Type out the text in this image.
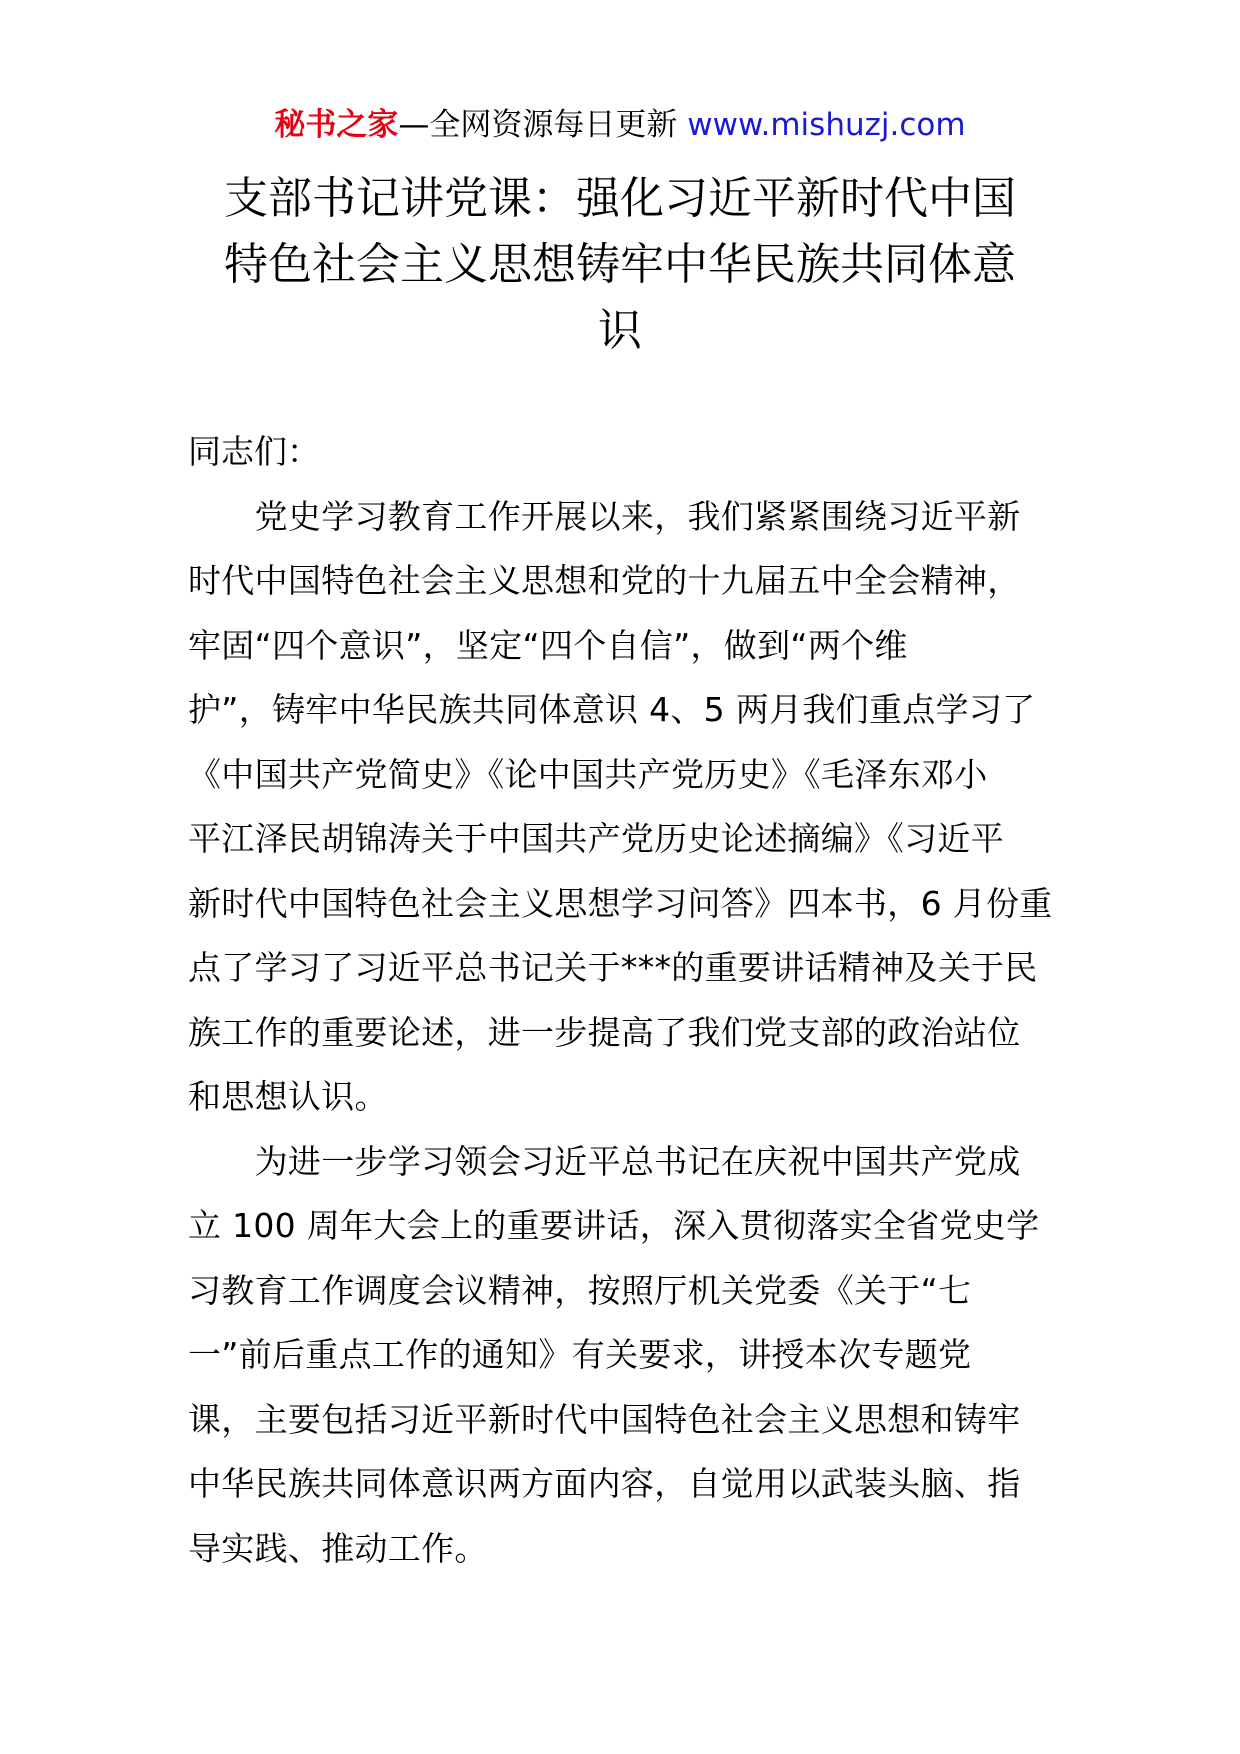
秘书之家—全网资源每日更新 www.mishuzj.com
支部书记讲党课：强化习近平新时代中国
特色社会主义思想铸牢中华民族共同体意
识
同志们：
　　党史学习教育工作开展以来，我们紧紧围绕习近平新
时代中国特色社会主义思想和党的十九届五中全会精神，
牢固“四个意识”，坚定“四个自信”，做到“两个维
护”，铸牢中华民族共同体意识 4、5 两月我们重点学习了
《中国共产党简史》《论中国共产党历史》《毛泽东邓小
平江泽民胡锦涛关于中国共产党历史论述摘编》《习近平
新时代中国特色社会主义思想学习问答》四本书，6 月份重
点了学习了习近平总书记关于***的重要讲话精神及关于民
族工作的重要论述，进一步提高了我们党支部的政治站位
和思想认识。
　　为进一步学习领会习近平总书记在庆祝中国共产党成
立 100 周年大会上的重要讲话，深入贯彻落实全省党史学
习教育工作调度会议精神，按照厅机关党委《关于“七
一”前后重点工作的通知》有关要求，讲授本次专题党
课，主要包括习近平新时代中国特色社会主义思想和铸牢
中华民族共同体意识两方面内容，自觉用以武装头脑、指
导实践、推动工作。
